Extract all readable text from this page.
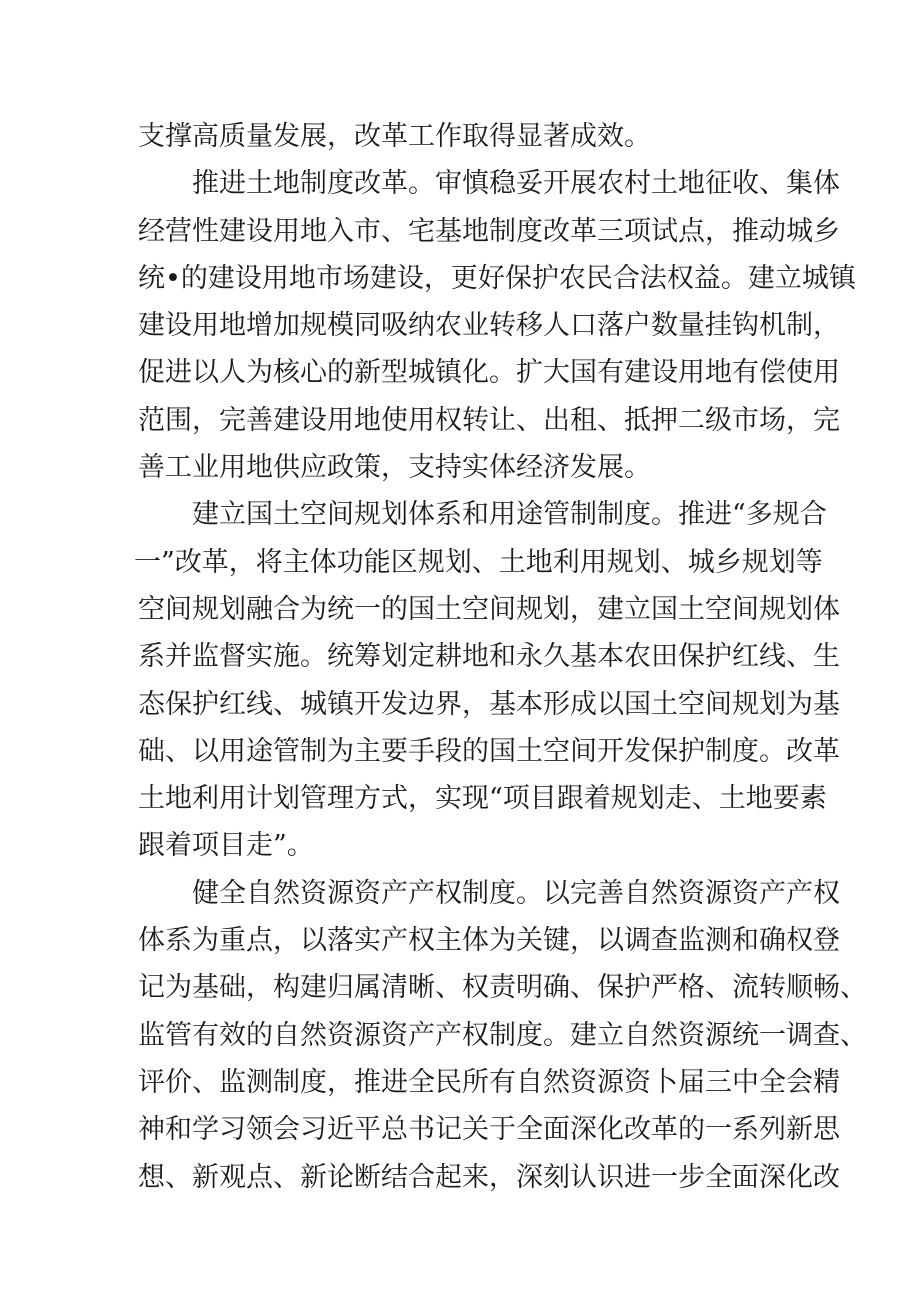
支撑高质量发展，改革工作取得显著成效。
推进土地制度改革。审慎稳妥开展农村土地征收、集体
经营性建设用地入市、宅基地制度改革三项试点，推动城乡
统•的建设用地市场建设，更好保护农民合法权益。建立城镇
建设用地增加规模同吸纳农业转移人口落户数量挂钩机制，
促进以人为核心的新型城镇化。扩大国有建设用地有偿使用
范围，完善建设用地使用权转让、出租、抵押二级市场，完
善工业用地供应政策，支持实体经济发展。
建立国土空间规划体系和用途管制制度。推进“多规合
一”改革，将主体功能区规划、土地利用规划、城乡规划等
空间规划融合为统一的国土空间规划，建立国土空间规划体
系并监督实施。统筹划定耕地和永久基本农田保护红线、生
态保护红线、城镇开发边界，基本形成以国土空间规划为基
础、以用途管制为主要手段的国土空间开发保护制度。改革
土地利用计划管理方式，实现“项目跟着规划走、土地要素
跟着项目走”。
健全自然资源资产产权制度。以完善自然资源资产产权
体系为重点，以落实产权主体为关键，以调查监测和确权登
记为基础，构建归属清晰、权责明确、保护严格、流转顺畅、
监管有效的自然资源资产产权制度。建立自然资源统一调查、
评价、监测制度，推进全民所有自然资源资卜届三中全会精
神和学习领会习近平总书记关于全面深化改革的一系列新思
想、新观点、新论断结合起来，深刻认识进一步全面深化改
